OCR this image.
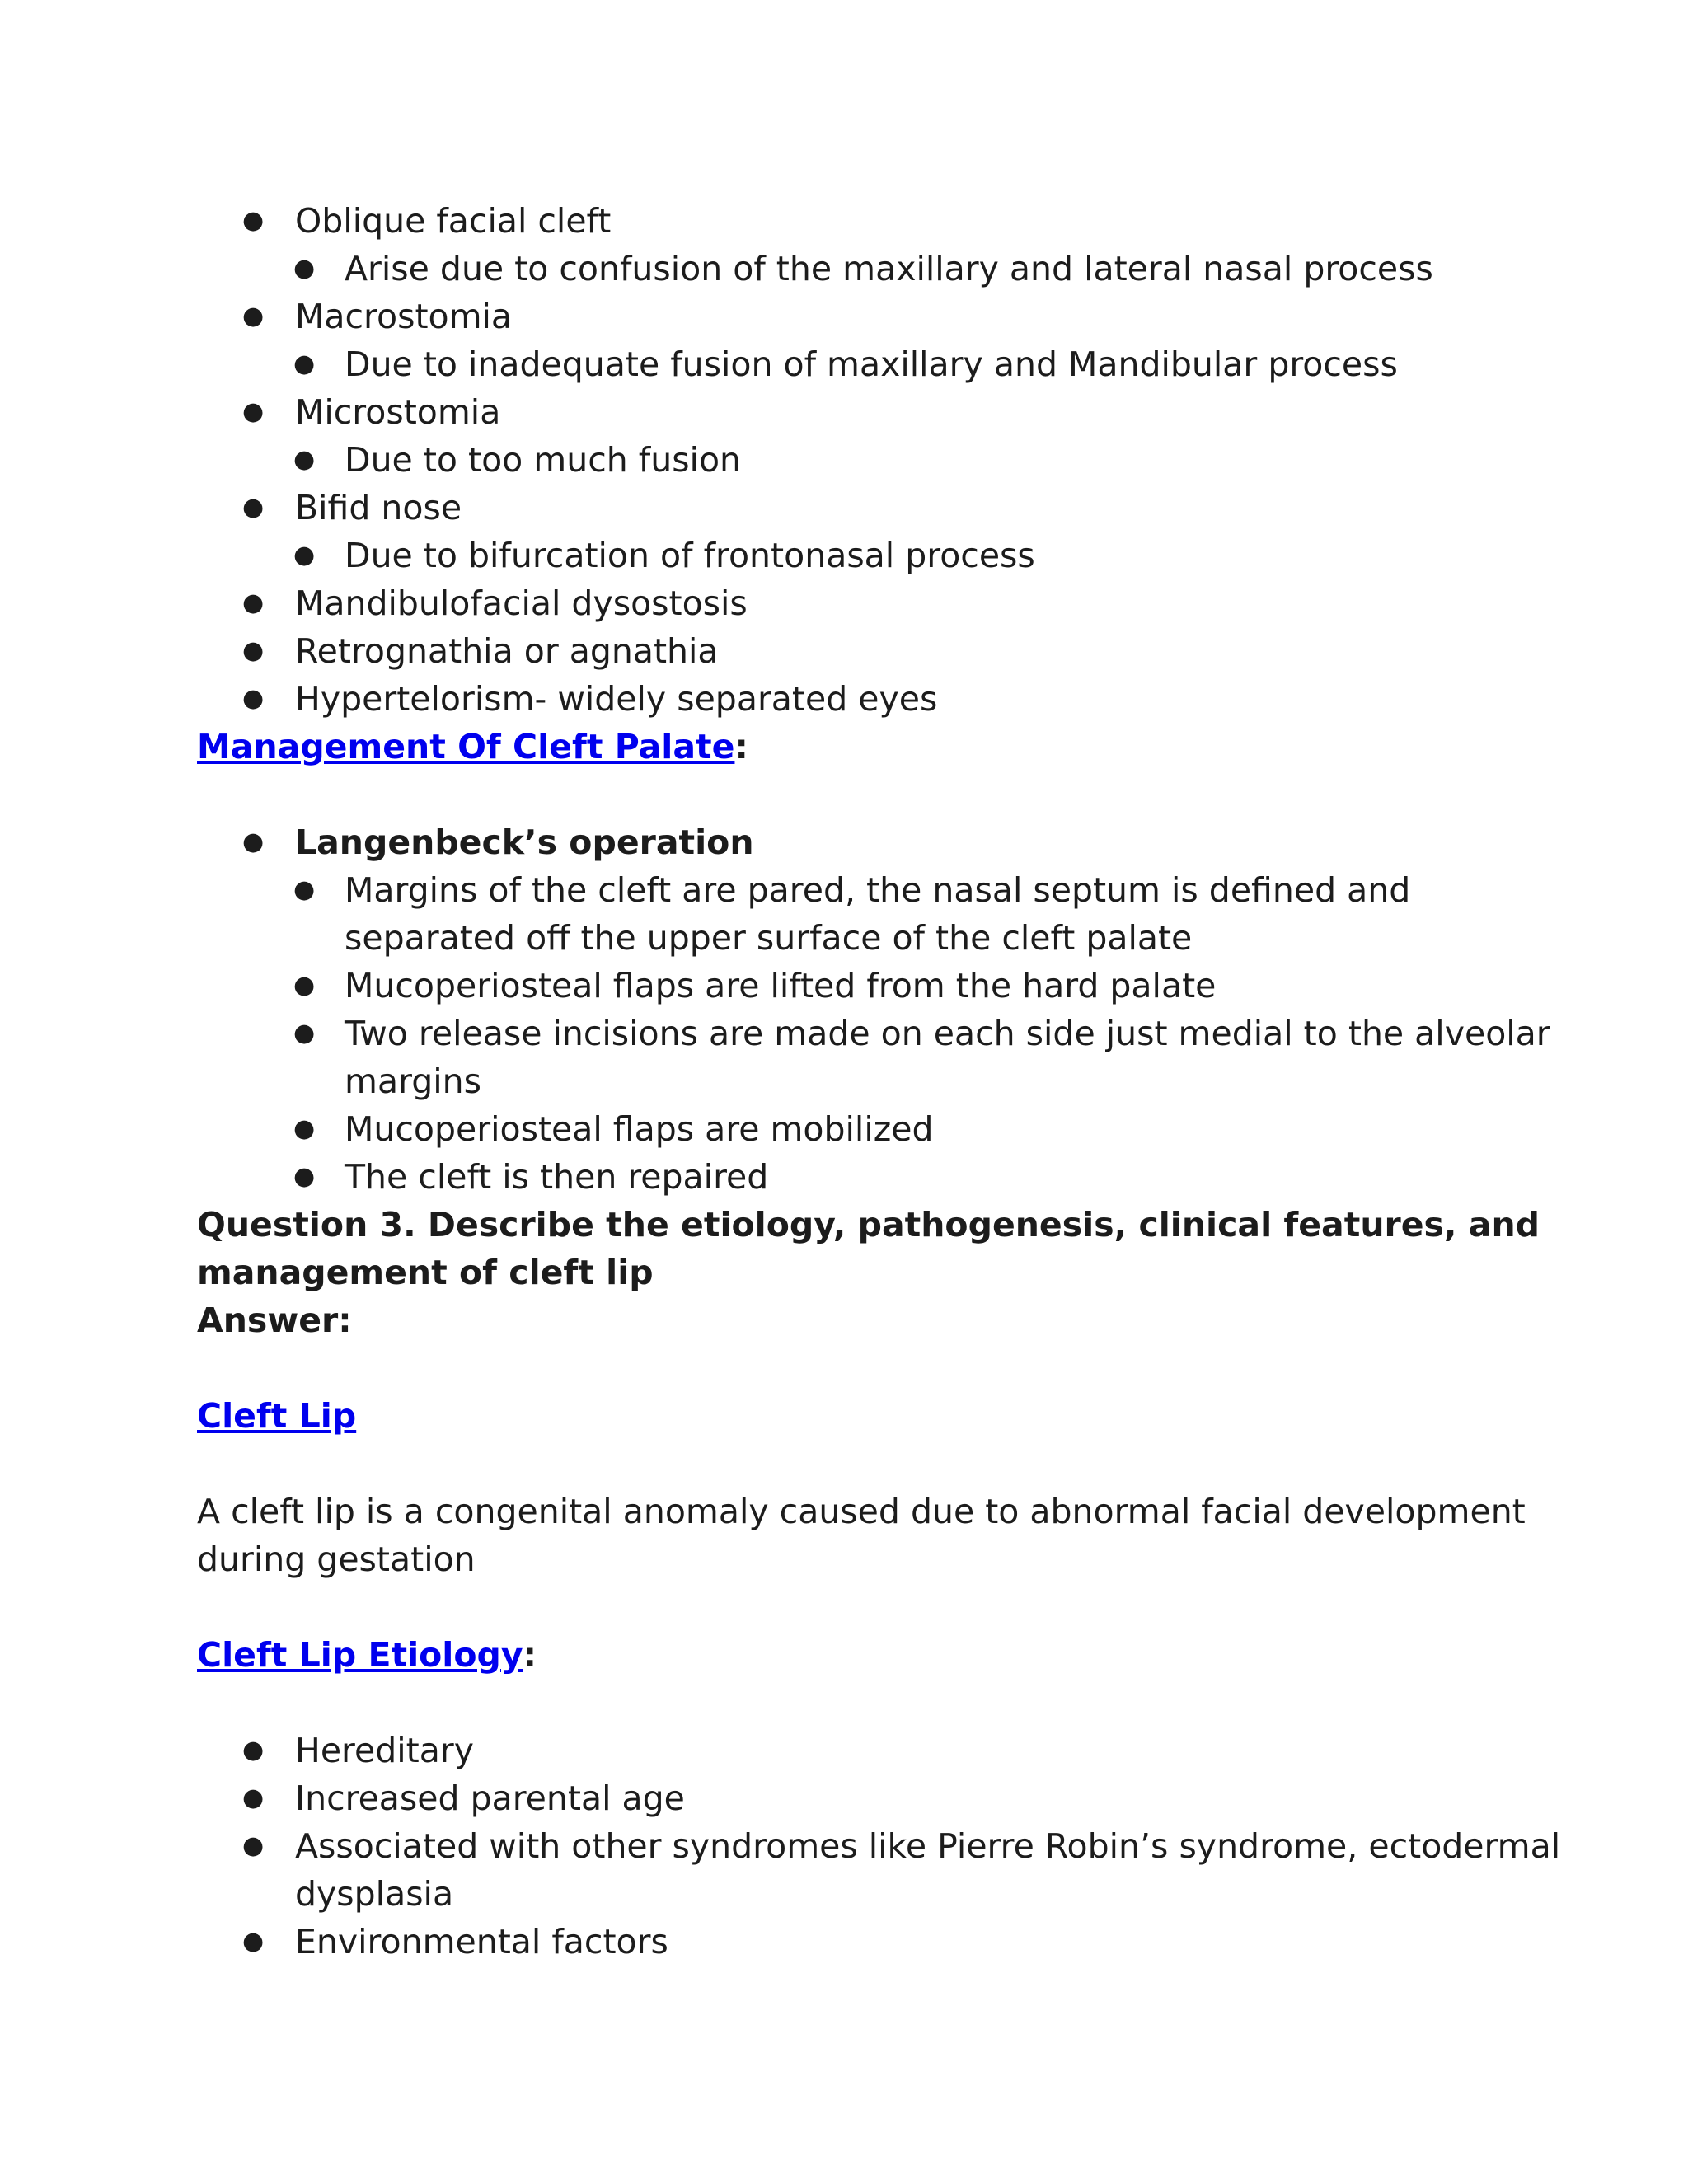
● Oblique facial cleft
● Arise due to confusion of the maxillary and lateral nasal process
● Macrostomia
● Due to inadequate fusion of maxillary and Mandibular process
● Microstomia
● Due to too much fusion
● Bifid nose
● Due to bifurcation of frontonasal process
● Mandibulofacial dysostosis
● Retrognathia or agnathia
● Hypertelorism- widely separated eyes
Management Of Cleft Palate:
● Langenbeck’s operation
● Margins of the cleft are pared, the nasal septum is defined and
separated off the upper surface of the cleft palate
● Mucoperiosteal flaps are lifted from the hard palate
● Two release incisions are made on each side just medial to the alveolar
margins
● Mucoperiosteal flaps are mobilized
● The cleft is then repaired
Question 3. Describe the etiology, pathogenesis, clinical features, and
management of cleft lip
Answer:
Cleft Lip
A cleft lip is a congenital anomaly caused due to abnormal facial development
during gestation
Cleft Lip Etiology:
● Hereditary
● Increased parental age
● Associated with other syndromes like Pierre Robin’s syndrome, ectodermal
dysplasia
● Environmental factors
